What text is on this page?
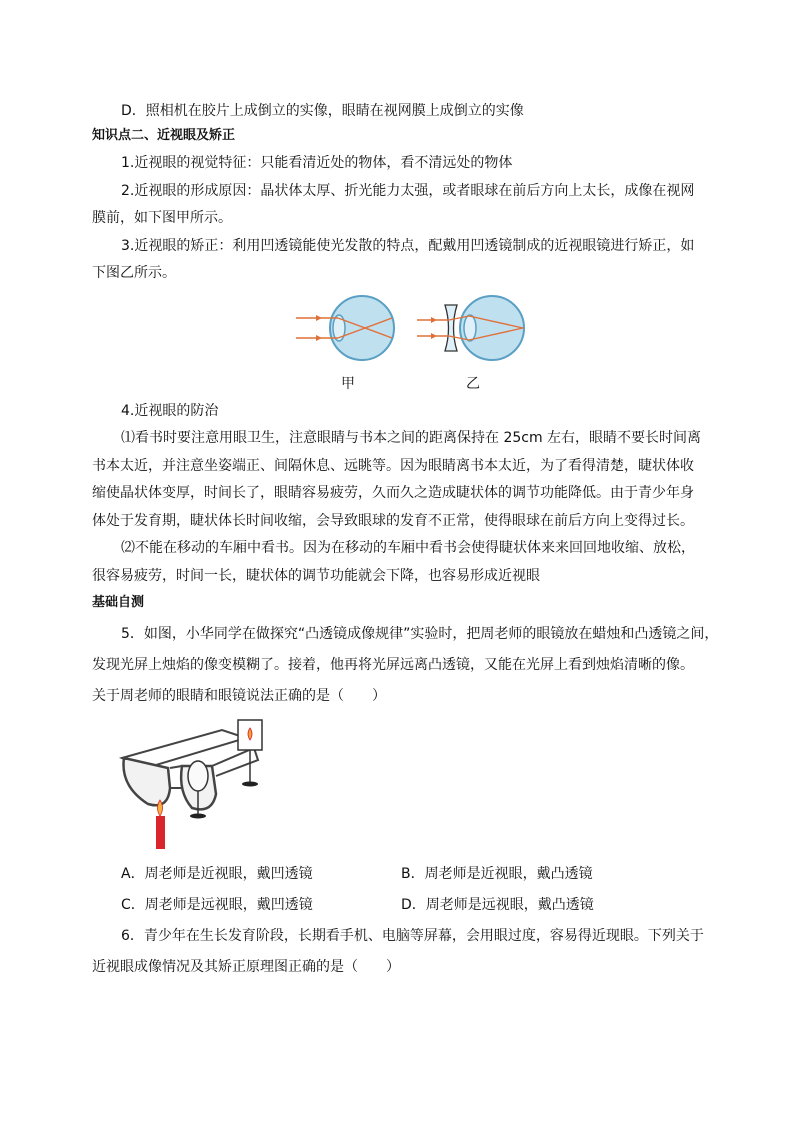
D．照相机在胶片上成倒立的实像，眼睛在视网膜上成倒立的实像
知识点二、近视眼及矫正
1.近视眼的视觉特征：只能看清近处的物体，看不清远处的物体
2.近视眼的形成原因：晶状体太厚、折光能力太强，或者眼球在前后方向上太长，成像在视网
膜前，如下图甲所示。
3.近视眼的矫正：利用凹透镜能使光发散的特点，配戴用凹透镜制成的近视眼镜进行矫正，如
下图乙所示。
甲	乙
4.近视眼的防治
⑴看书时要注意用眼卫生，注意眼睛与书本之间的距离保持在 25cm 左右，眼睛不要长时间离
书本太近，并注意坐姿端正、间隔休息、远眺等。因为眼睛离书本太近，为了看得清楚，睫状体收
缩使晶状体变厚，时间长了，眼睛容易疲劳，久而久之造成睫状体的调节功能降低。由于青少年身
体处于发育期，睫状体长时间收缩，会导致眼球的发育不正常，使得眼球在前后方向上变得过长。
⑵不能在移动的车厢中看书。因为在移动的车厢中看书会使得睫状体来来回回地收缩、放松，
很容易疲劳，时间一长，睫状体的调节功能就会下降，也容易形成近视眼
基础自测
5．如图，小华同学在做探究“凸透镜成像规律”实验时，把周老师的眼镜放在蜡烛和凸透镜之间，
发现光屏上烛焰的像变模糊了。接着，他再将光屏远离凸透镜，又能在光屏上看到烛焰清晰的像。
关于周老师的眼睛和眼镜说法正确的是（　　）
A．周老师是近视眼，戴凹透镜	B．周老师是近视眼，戴凸透镜
C．周老师是远视眼，戴凹透镜	D．周老师是远视眼，戴凸透镜
6．青少年在生长发育阶段，长期看手机、电脑等屏幕，会用眼过度，容易得近现眼。下列关于
近视眼成像情况及其矫正原理图正确的是（　　）
